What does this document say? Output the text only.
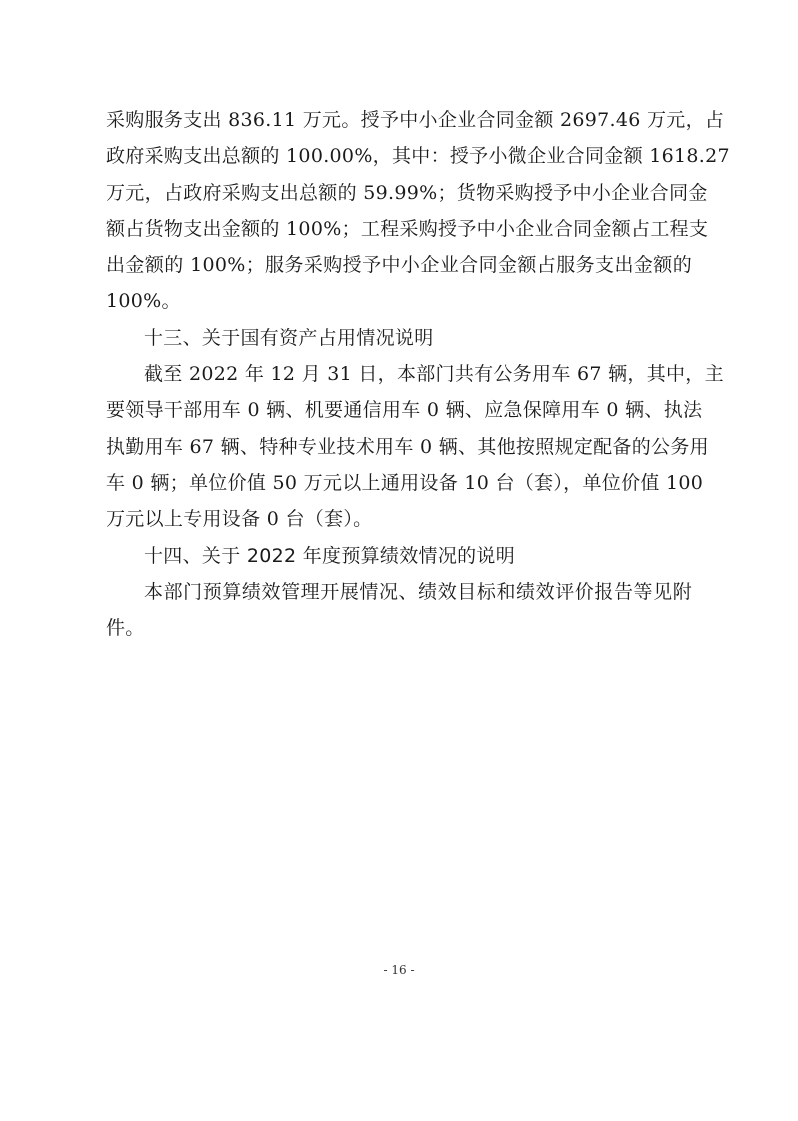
采购服务支出 836.11 万元。授予中小企业合同金额 2697.46 万元，占
政府采购支出总额的 100.00%，其中：授予小微企业合同金额 1618.27
万元，占政府采购支出总额的 59.99%；货物采购授予中小企业合同金
额占货物支出金额的 100%；工程采购授予中小企业合同金额占工程支
出金额的 100%；服务采购授予中小企业合同金额占服务支出金额的
100%。

十三、关于国有资产占用情况说明

截至 2022 年 12 月 31 日，本部门共有公务用车 67 辆，其中，主
要领导干部用车 0 辆、机要通信用车 0 辆、应急保障用车 0 辆、执法
执勤用车 67 辆、特种专业技术用车 0 辆、其他按照规定配备的公务用
车 0 辆；单位价值 50 万元以上通用设备 10 台（套），单位价值 100
万元以上专用设备 0 台（套）。

十四、关于 2022 年度预算绩效情况的说明

本部门预算绩效管理开展情况、绩效目标和绩效评价报告等见附
件。

- 16 -
